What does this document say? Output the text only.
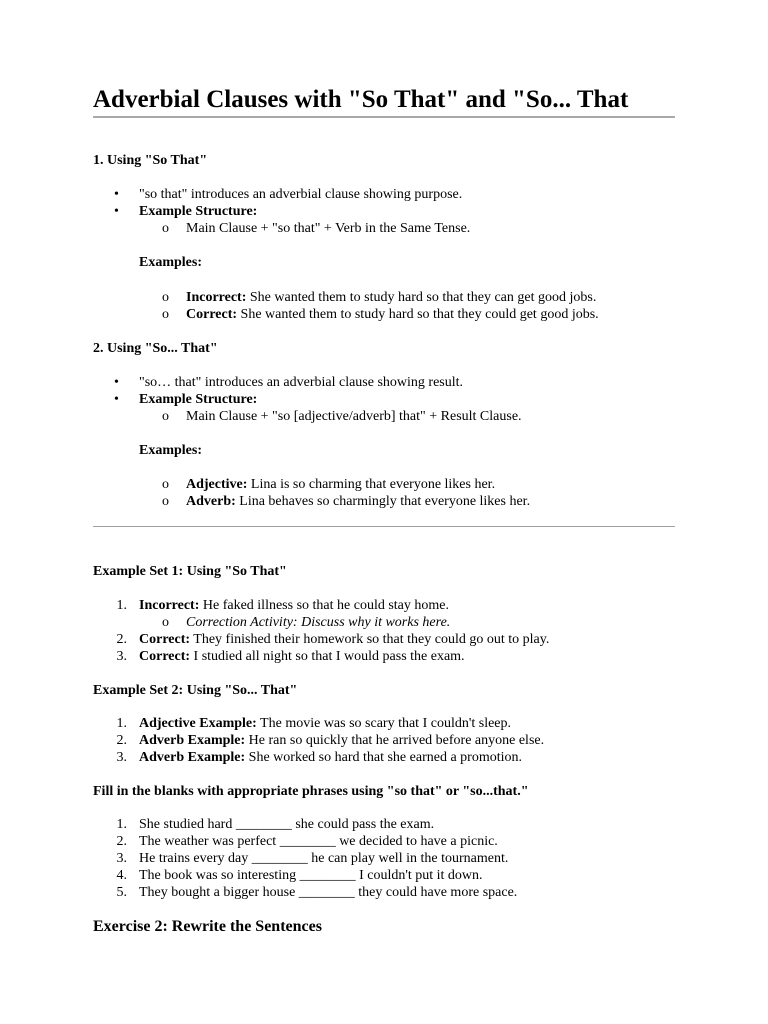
Adverbial Clauses with "So That" and "So... That
1. Using "So That"
• "so that" introduces an adverbial clause showing purpose.
• Example Structure:
o Main Clause + "so that" + Verb in the Same Tense.
Examples:
o Incorrect: She wanted them to study hard so that they can get good jobs.
o Correct: She wanted them to study hard so that they could get good jobs.
2. Using "So... That"
• "so… that" introduces an adverbial clause showing result.
• Example Structure:
o Main Clause + "so [adjective/adverb] that" + Result Clause.
Examples:
o Adjective: Lina is so charming that everyone likes her.
o Adverb: Lina behaves so charmingly that everyone likes her.
Example Set 1: Using "So That"
1. Incorrect: He faked illness so that he could stay home.
o Correction Activity: Discuss why it works here.
2. Correct: They finished their homework so that they could go out to play.
3. Correct: I studied all night so that I would pass the exam.
Example Set 2: Using "So... That"
1. Adjective Example: The movie was so scary that I couldn't sleep.
2. Adverb Example: He ran so quickly that he arrived before anyone else.
3. Adverb Example: She worked so hard that she earned a promotion.
Fill in the blanks with appropriate phrases using "so that" or "so...that."
1. She studied hard ________ she could pass the exam.
2. The weather was perfect ________ we decided to have a picnic.
3. He trains every day ________ he can play well in the tournament.
4. The book was so interesting ________ I couldn't put it down.
5. They bought a bigger house ________ they could have more space.
Exercise 2: Rewrite the Sentences
